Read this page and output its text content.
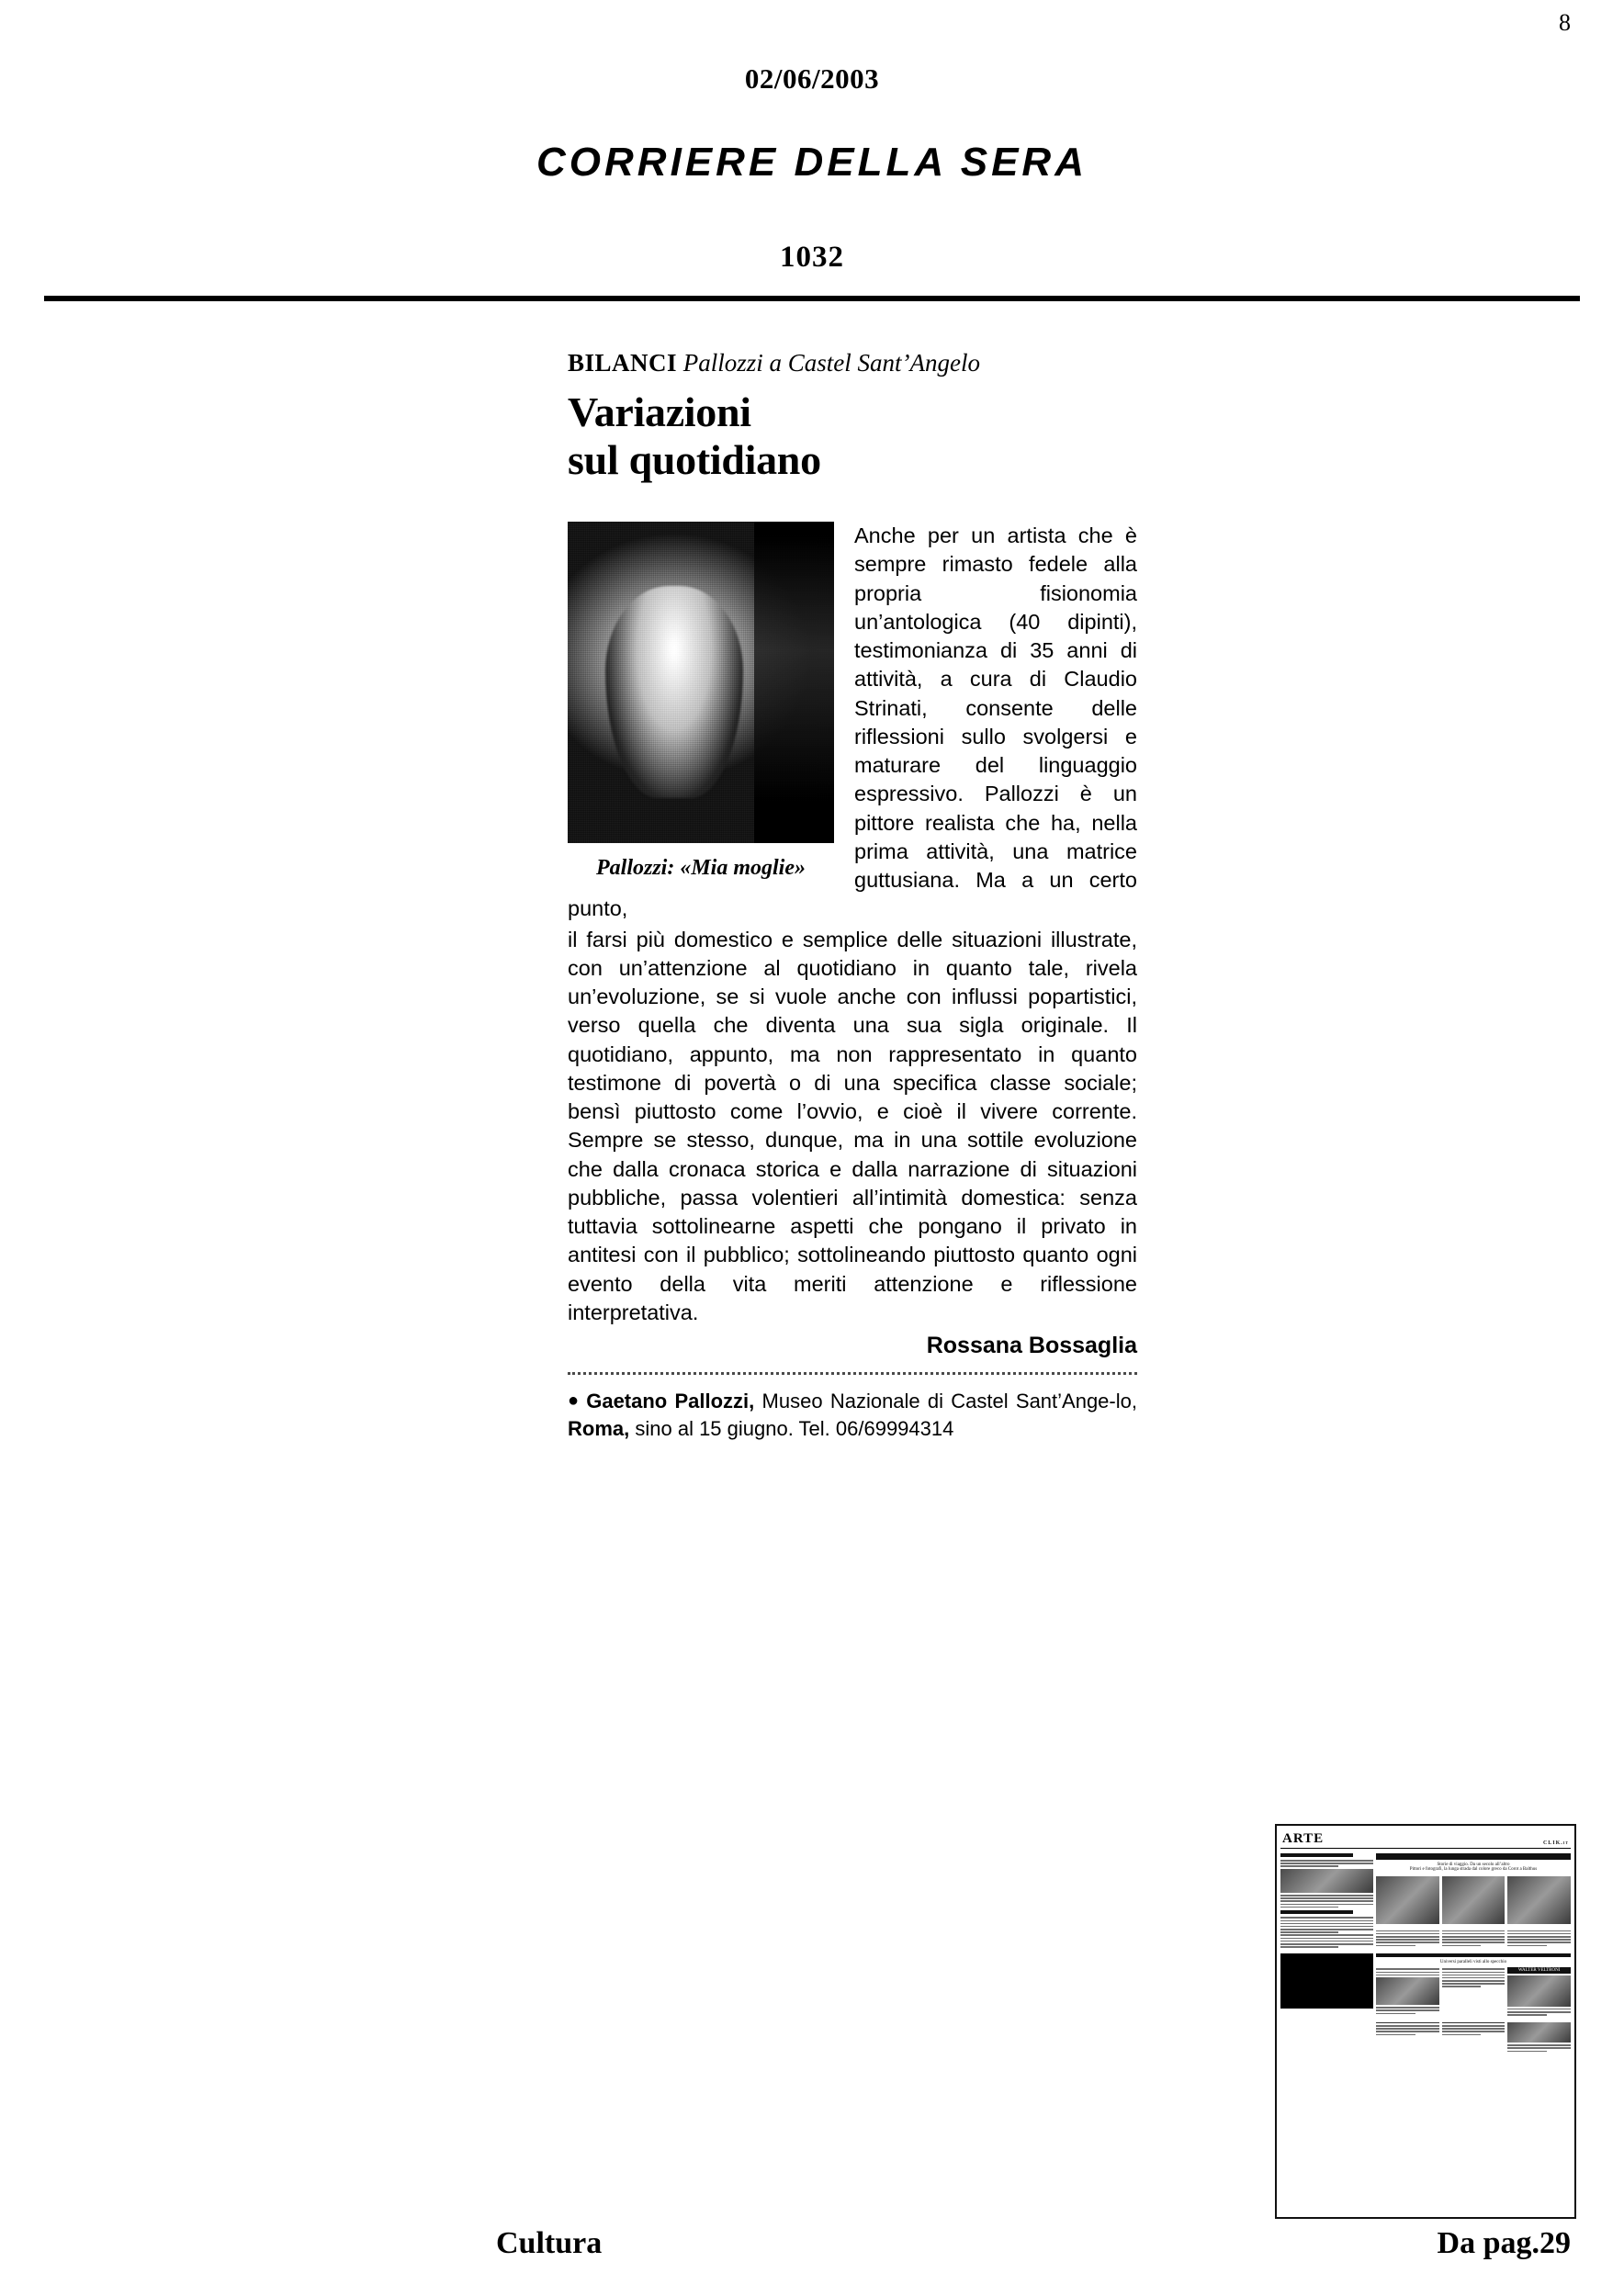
8
02/06/2003
CORRIERE DELLA SERA
1032
BILANCI Pallozzi a Castel Sant’Angelo
Variazioni
sul quotidiano
Pallozzi: «Mia moglie»
Anche per un artista che è sempre rimasto fedele alla propria fisionomia un’antologica (40 dipinti), testimonianza di 35 anni di attività, a cura di Claudio Strinati, consente delle riflessioni sullo svolgersi e maturare del linguaggio espressivo. Pallozzi è un pittore realista che ha, nella prima attività, una matrice guttusiana. Ma a un certo punto,
il farsi più domestico e semplice delle situazioni illustrate, con un’attenzione al quotidiano in quanto tale, rivela un’evoluzione, se si vuole anche con influssi popartistici, verso quella che diventa una sua sigla originale. Il quotidiano, appunto, ma non rappresentato in quanto testimone di povertà o di una specifica classe sociale; bensì piuttosto come l’ovvio, e cioè il vivere corrente. Sempre se stesso, dunque, ma in una sottile evoluzione che dalla cronaca storica e dalla narrazione di situazioni pubbliche, passa volentieri all’intimità domestica: senza tuttavia sottolinearne aspetti che pongano il privato in antitesi con il pubblico; sottolineando piuttosto quanto ogni evento della vita meriti attenzione e riflessione interpretativa.
Rossana Bossaglia
● Gaetano Pallozzi, Museo Nazionale di Castel Sant’Ange-lo, Roma, sino al 15 giugno. Tel. 06/69994314
ARTE	CLIK.it
Storie di viaggio. Da un secolo all’altro
Pittori e fotografi, la lunga strada dal colore greco da Corot a Balthus
Universi paralleli visti allo specchio
WALTER VELTRONI
Cultura	Da pag.29
